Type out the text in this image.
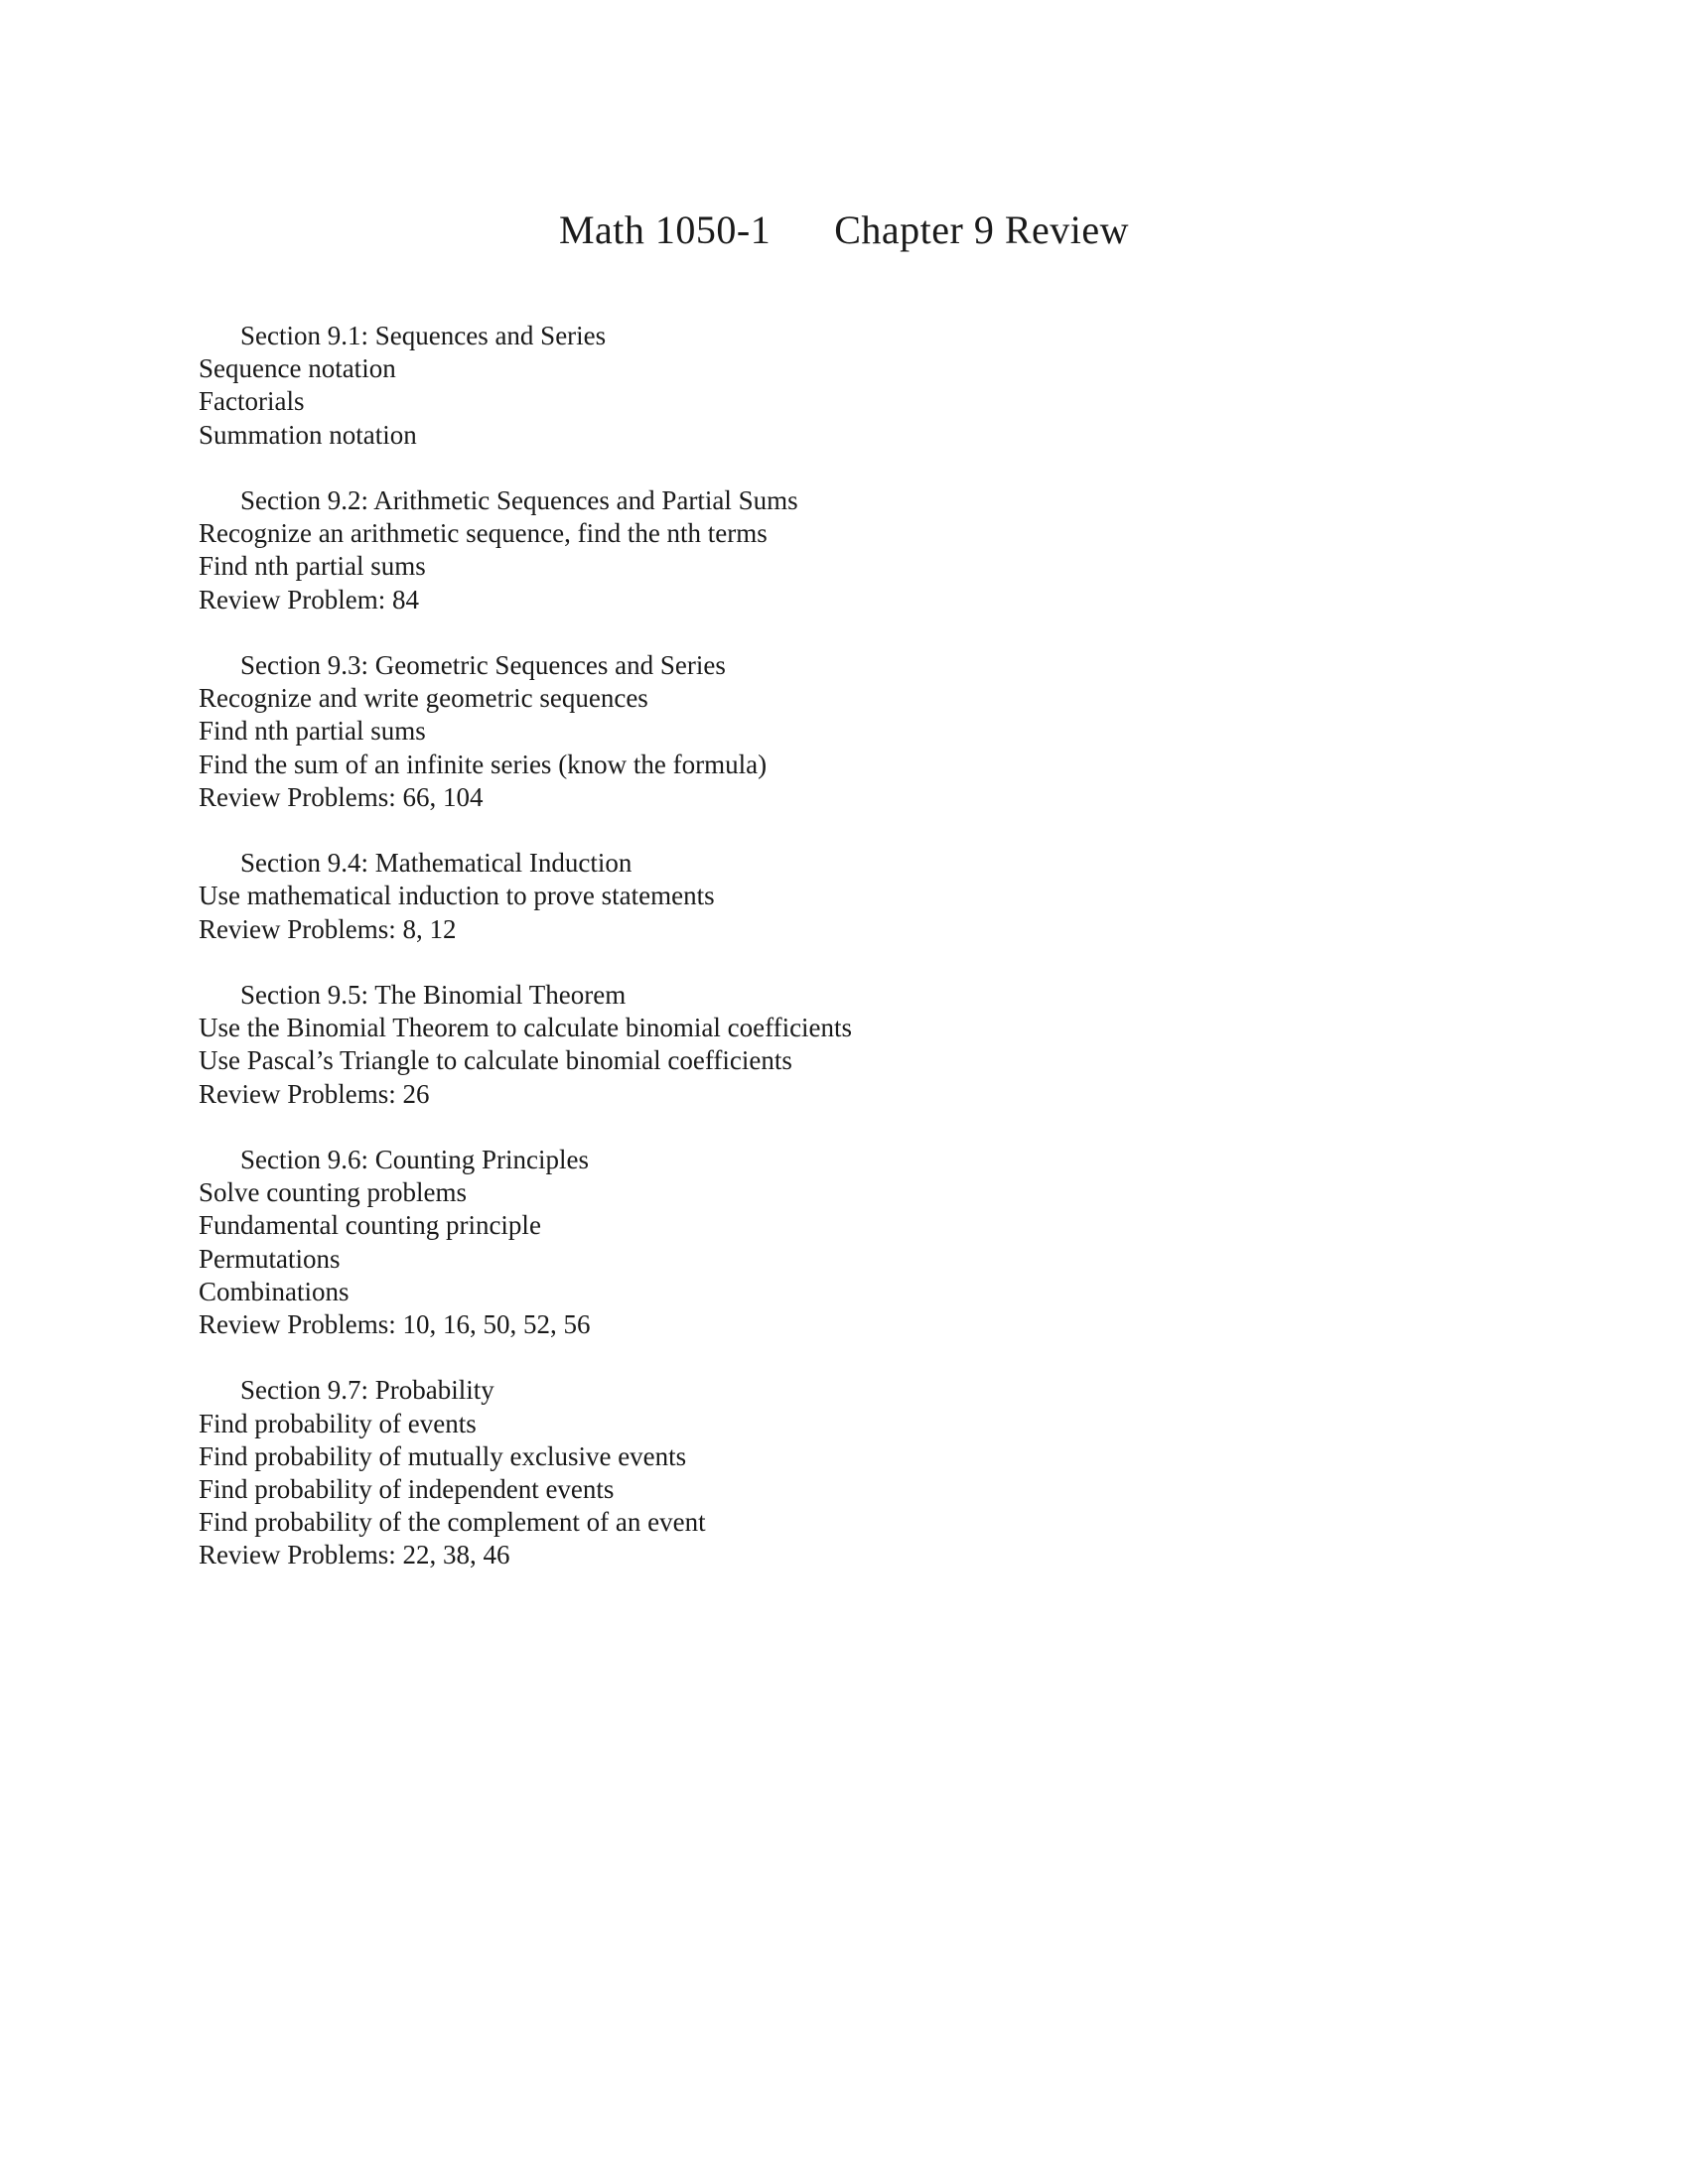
Math 1050-1 Chapter 9 Review
Section 9.1: Sequences and Series
Sequence notation
Factorials
Summation notation
Section 9.2: Arithmetic Sequences and Partial Sums
Recognize an arithmetic sequence, find the nth terms
Find nth partial sums
Review Problem: 84
Section 9.3: Geometric Sequences and Series
Recognize and write geometric sequences
Find nth partial sums
Find the sum of an infinite series (know the formula)
Review Problems: 66, 104
Section 9.4: Mathematical Induction
Use mathematical induction to prove statements
Review Problems: 8, 12
Section 9.5: The Binomial Theorem
Use the Binomial Theorem to calculate binomial coefficients
Use Pascal’s Triangle to calculate binomial coefficients
Review Problems: 26
Section 9.6: Counting Principles
Solve counting problems
Fundamental counting principle
Permutations
Combinations
Review Problems: 10, 16, 50, 52, 56
Section 9.7: Probability
Find probability of events
Find probability of mutually exclusive events
Find probability of independent events
Find probability of the complement of an event
Review Problems: 22, 38, 46
